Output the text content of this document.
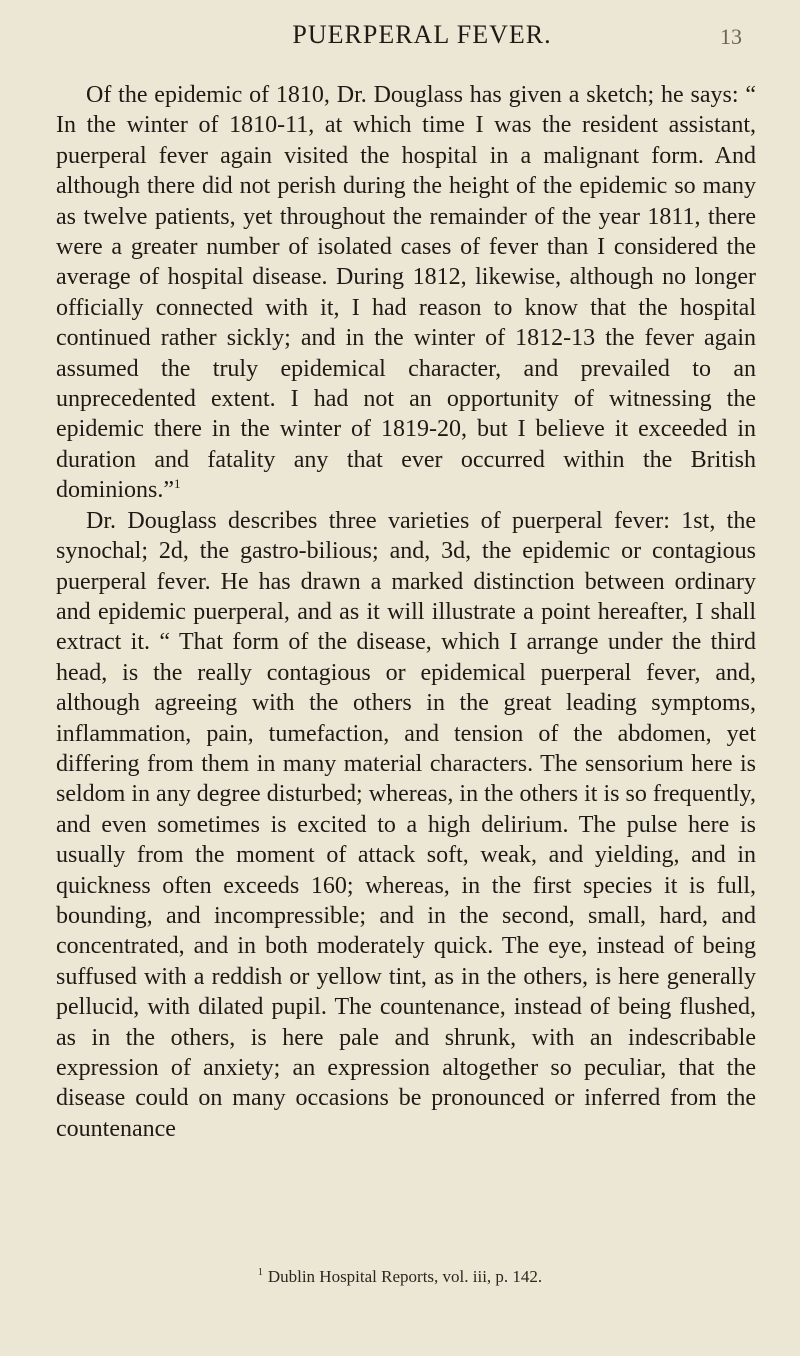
PUERPERAL FEVER.	13

Of the epidemic of 1810, Dr. Douglass has given a sketch; he says: “ In the winter of 1810-11, at which time I was the resident assistant, puerperal fever again visited the hospital in a malignant form. And although there did not perish during the height of the epidemic so many as twelve patients, yet throughout the remainder of the year 1811, there were a greater number of isolated cases of fever than I considered the average of hospital disease. During 1812, likewise, although no longer officially connected with it, I had reason to know that the hospital continued rather sickly; and in the winter of 1812-13 the fever again assumed the truly epidemical character, and prevailed to an unprecedented extent. I had not an opportunity of witnessing the epidemic there in the winter of 1819-20, but I believe it exceeded in duration and fatality any that ever occurred within the British dominions.”$^1$

Dr. Douglass describes three varieties of puerperal fever: 1st, the synochal; 2d, the gastro-bilious; and, 3d, the epidemic or contagious puerperal fever. He has drawn a marked distinction between ordinary and epidemic puerperal, and as it will illustrate a point hereafter, I shall extract it. “ That form of the disease, which I arrange under the third head, is the really contagious or epidemical puerperal fever, and, although agreeing with the others in the great leading symptoms, inflammation, pain, tumefaction, and tension of the abdomen, yet differing from them in many material characters. The sensorium here is seldom in any degree disturbed; whereas, in the others it is so frequently, and even sometimes is excited to a high delirium. The pulse here is usually from the moment of attack soft, weak, and yielding, and in quickness often exceeds 160; whereas, in the first species it is full, bounding, and incompressible; and in the second, small, hard, and concentrated, and in both moderately quick. The eye, instead of being suffused with a reddish or yellow tint, as in the others, is here generally pellucid, with dilated pupil. The countenance, instead of being flushed, as in the others, is here pale and shrunk, with an indescribable expression of anxiety; an expression altogether so peculiar, that the disease could on many occasions be pronounced or inferred from the countenance

$^1$ Dublin Hospital Reports, vol. iii, p. 142.
